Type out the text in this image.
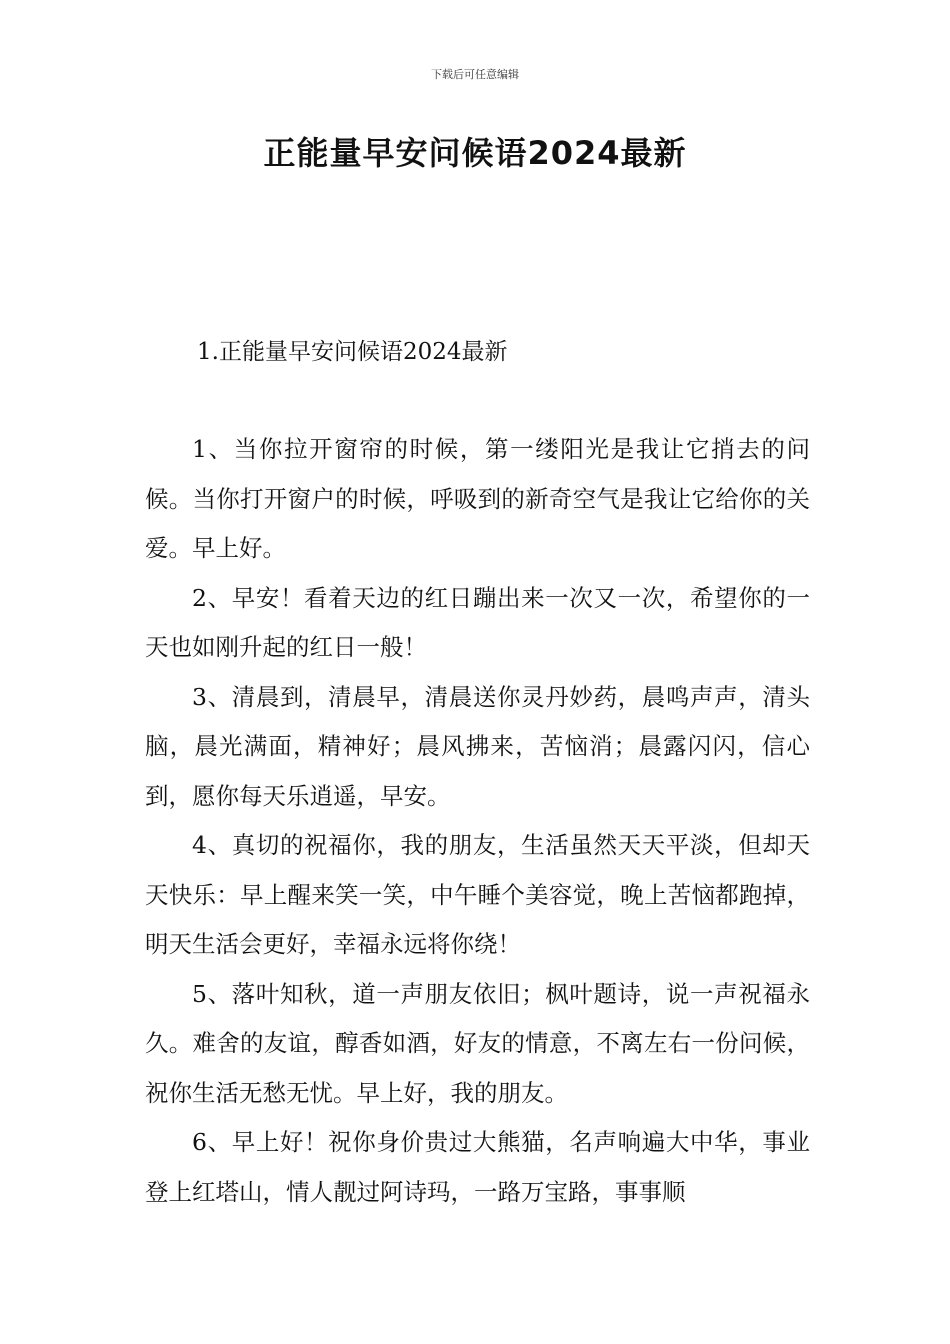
下载后可任意编辑
正能量早安问候语2024最新
1.正能量早安问候语2024最新

1、当你拉开窗帘的时候，第一缕阳光是我让它捎去的问候。当你打开窗户的时候，呼吸到的新奇空气是我让它给你的关爱。早上好。

2、早安！看着天边的红日蹦出来一次又一次，希望你的一天也如刚升起的红日一般！

3、清晨到，清晨早，清晨送你灵丹妙药，晨鸣声声，清头脑，晨光满面，精神好；晨风拂来，苦恼消；晨露闪闪，信心到，愿你每天乐逍遥，早安。

4、真切的祝福你，我的朋友，生活虽然天天平淡，但却天天快乐：早上醒来笑一笑，中午睡个美容觉，晚上苦恼都跑掉，明天生活会更好，幸福永远将你绕！

5、落叶知秋，道一声朋友依旧；枫叶题诗，说一声祝福永久。难舍的友谊，醇香如酒，好友的情意，不离左右一份问候，祝你生活无愁无忧。早上好，我的朋友。

6、早上好！祝你身价贵过大熊猫，名声响遍大中华，事业登上红塔山，情人靓过阿诗玛，一路万宝路，事事顺
